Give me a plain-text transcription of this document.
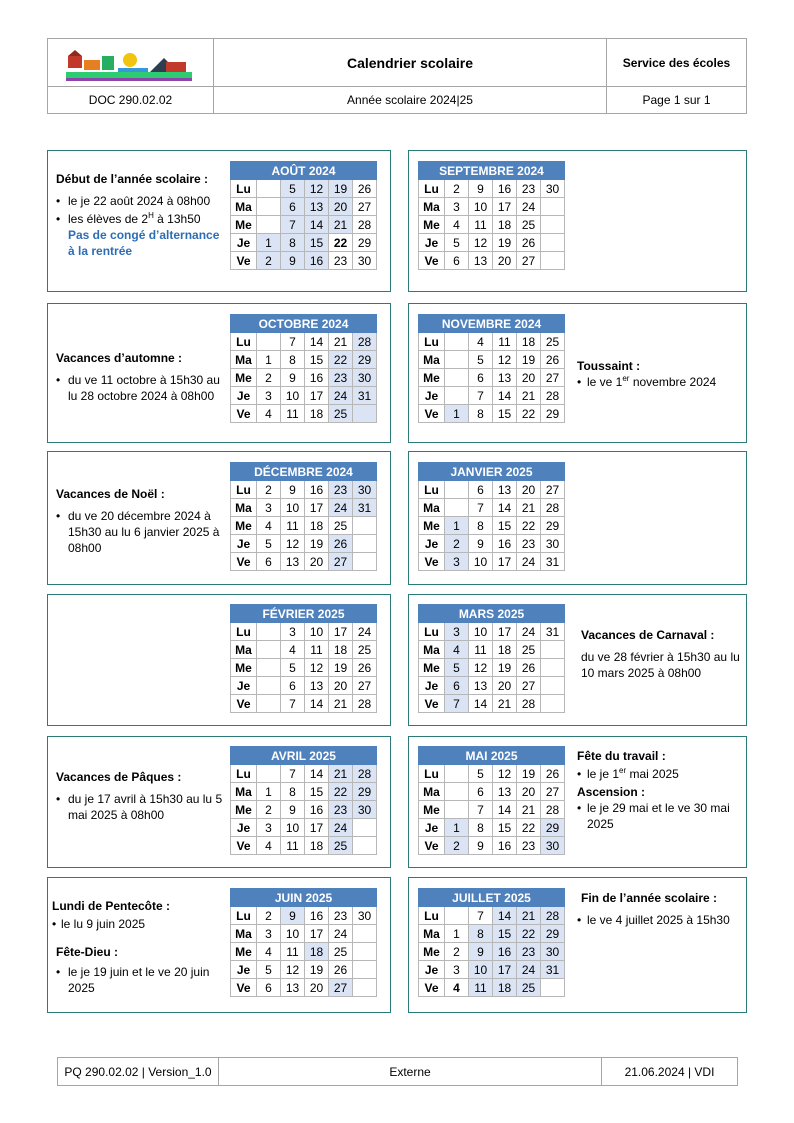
Calendrier scolaire	Service des écoles
DOC 290.02.02	Année scolaire 2024|25	Page 1 sur 1
Début de l’année scolaire :
• le je 22 août 2024 à 08h00
• les élèves de $2^H$ à 13h50
Pas de congé d’alternance à la rentrée
AOÛT 2024					
Lu		5	12	19	26
Ma		6	13	20	27
Me		7	14	21	28
Je	1	8	15	22	29
Ve	2	9	16	23	30
SEPTEMBRE 2024					
Lu	2	9	16	23	30
Ma	3	10	17	24	
Me	4	11	18	25	
Je	5	12	19	26	
Ve	6	13	20	27	
Vacances d’automne :
• du ve 11 octobre à 15h30 au lu 28 octobre 2024 à 08h00
OCTOBRE 2024					
Lu		7	14	21	28
Ma	1	8	15	22	29
Me	2	9	16	23	30
Je	3	10	17	24	31
Ve	4	11	18	25	
NOVEMBRE 2024					
Lu		4	11	18	25
Ma		5	12	19	26
Me		6	13	20	27
Je		7	14	21	28
Ve	1	8	15	22	29
Toussaint :
• le ve 1er novembre 2024
Vacances de Noël :
• du ve 20 décembre 2024 à 15h30 au lu 6 janvier 2025 à 08h00
DÉCEMBRE 2024					
Lu	2	9	16	23	30
Ma	3	10	17	24	31
Me	4	11	18	25	
Je	5	12	19	26	
Ve	6	13	20	27	
JANVIER 2025					
Lu		6	13	20	27
Ma		7	14	21	28
Me	1	8	15	22	29
Je	2	9	16	23	30
Ve	3	10	17	24	31
FÉVRIER 2025					
Lu		3	10	17	24
Ma		4	11	18	25
Me		5	12	19	26
Je		6	13	20	27
Ve		7	14	21	28
MARS 2025					
Lu	3	10	17	24	31
Ma	4	11	18	25	
Me	5	12	19	26	
Je	6	13	20	27	
Ve	7	14	21	28	
Vacances de Carnaval :
du ve 28 février à 15h30 au lu 10 mars 2025 à 08h00
Vacances de Pâques :
• du je 17 avril à 15h30 au lu 5 mai 2025 à 08h00
AVRIL 2025					
Lu		7	14	21	28
Ma	1	8	15	22	29
Me	2	9	16	23	30
Je	3	10	17	24	
Ve	4	11	18	25	
MAI 2025					
Lu		5	12	19	26
Ma		6	13	20	27
Me		7	14	21	28
Je	1	8	15	22	29
Ve	2	9	16	23	30
Fête du travail :
• le je 1er mai 2025
Ascension :
• le je 29 mai et le ve 30 mai 2025
Lundi de Pentecôte :
• le lu 9 juin 2025
Fête-Dieu :
• le je 19 juin et le ve 20 juin 2025
JUIN 2025					
Lu	2	9	16	23	30
Ma	3	10	17	24	
Me	4	11	18	25	
Je	5	12	19	26	
Ve	6	13	20	27	
JUILLET 2025					
Lu		7	14	21	28
Ma	1	8	15	22	29
Me	2	9	16	23	30
Je	3	10	17	24	31
Ve	4	11	18	25	
Fin de l’année scolaire :
• le ve 4 juillet 2025 à 15h30
PQ 290.02.02 | Version_1.0	Externe	21.06.2024 | VDI
